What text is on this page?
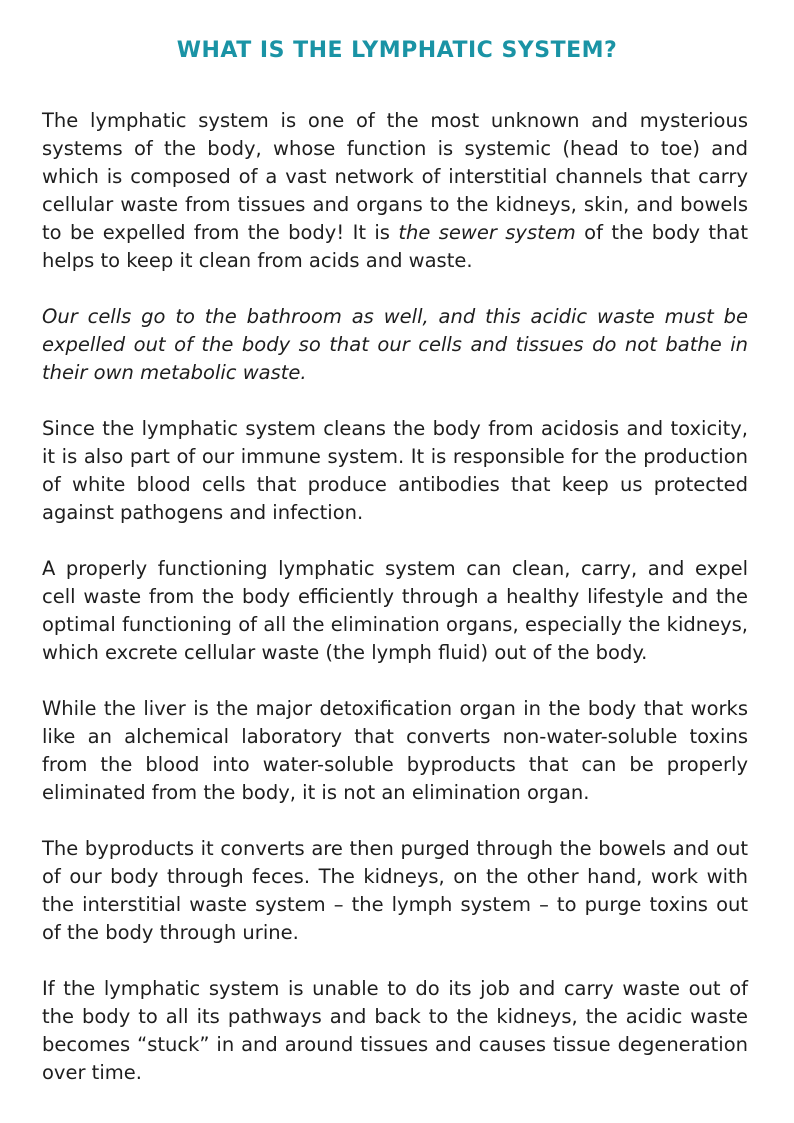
WHAT IS THE LYMPHATIC SYSTEM?

The lymphatic system is one of the most unknown and mysterious systems of the body, whose function is systemic (head to toe) and which is composed of a vast network of interstitial channels that carry cellular waste from tissues and organs to the kidneys, skin, and bowels to be expelled from the body! It is the sewer system of the body that helps to keep it clean from acids and waste.

Our cells go to the bathroom as well, and this acidic waste must be expelled out of the body so that our cells and tissues do not bathe in their own metabolic waste.

Since the lymphatic system cleans the body from acidosis and toxicity, it is also part of our immune system. It is responsible for the production of white blood cells that produce antibodies that keep us protected against pathogens and infection.

A properly functioning lymphatic system can clean, carry, and expel cell waste from the body efficiently through a healthy lifestyle and the optimal functioning of all the elimination organs, especially the kidneys, which excrete cellular waste (the lymph fluid) out of the body.

While the liver is the major detoxification organ in the body that works like an alchemical laboratory that converts non-water-soluble toxins from the blood into water-soluble byproducts that can be properly eliminated from the body, it is not an elimination organ.

The byproducts it converts are then purged through the bowels and out of our body through feces. The kidneys, on the other hand, work with the interstitial waste system – the lymph system – to purge toxins out of the body through urine.

If the lymphatic system is unable to do its job and carry waste out of the body to all its pathways and back to the kidneys, the acidic waste becomes “stuck” in and around tissues and causes tissue degeneration over time.
